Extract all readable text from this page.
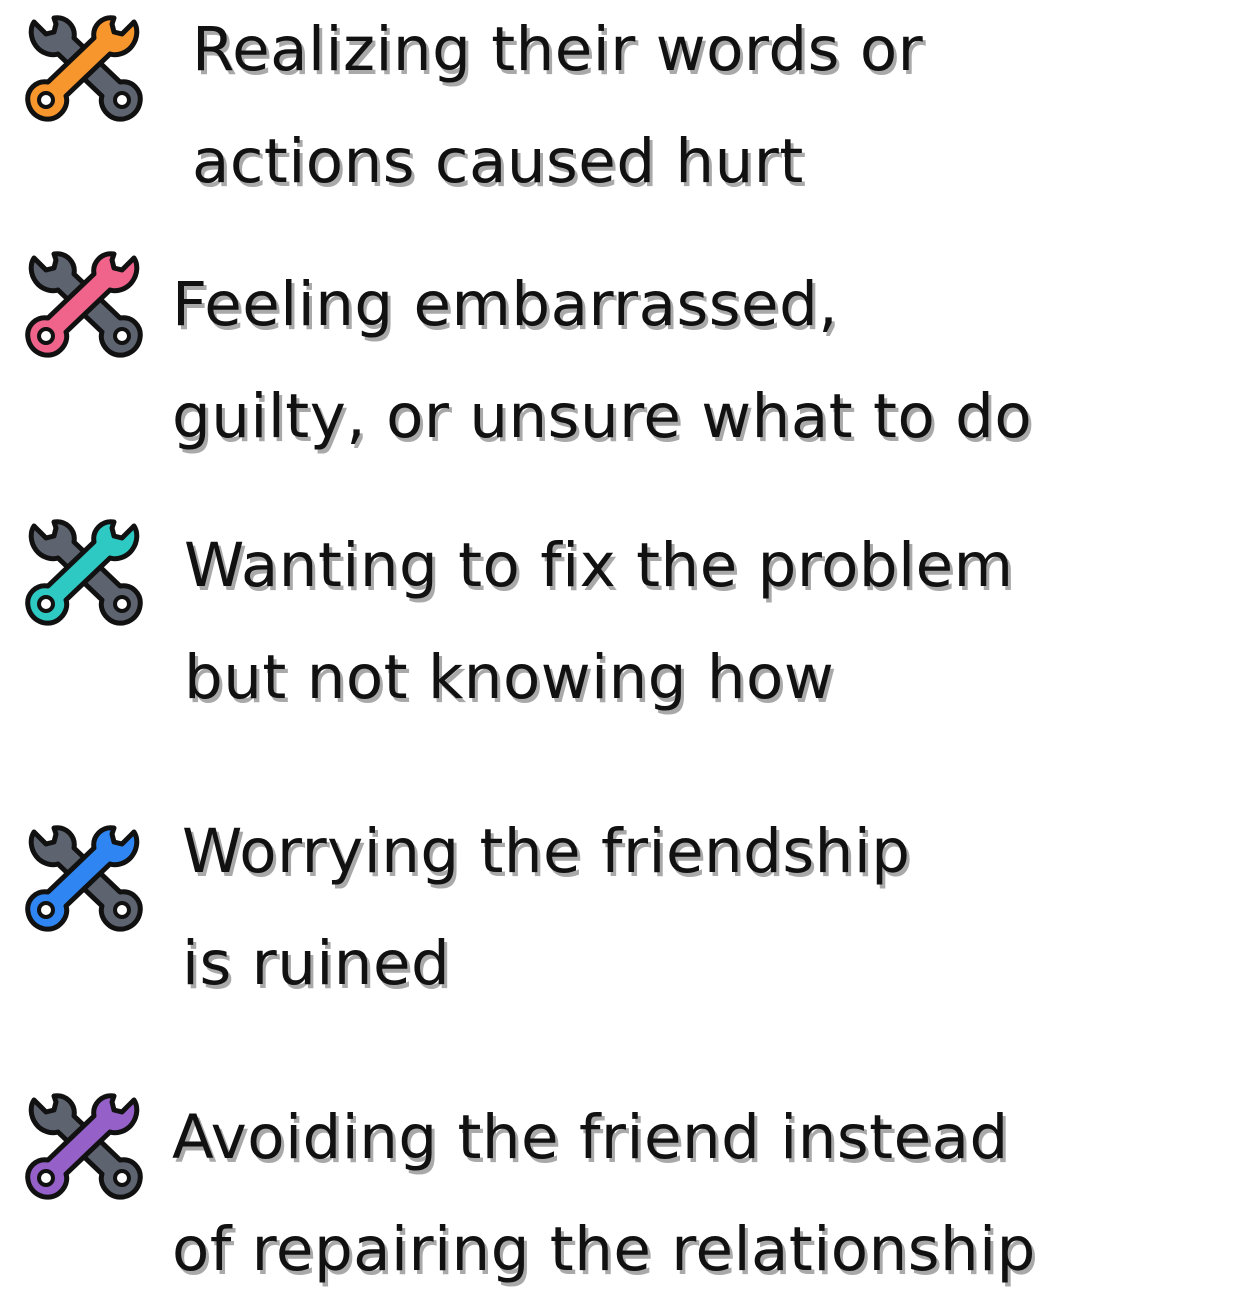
Realizing their words or
actions caused hurt
Feeling embarrassed,
guilty, or unsure what to do
Wanting to fix the problem
but not knowing how
Worrying the friendship
is ruined
Avoiding the friend instead
of repairing the relationship
